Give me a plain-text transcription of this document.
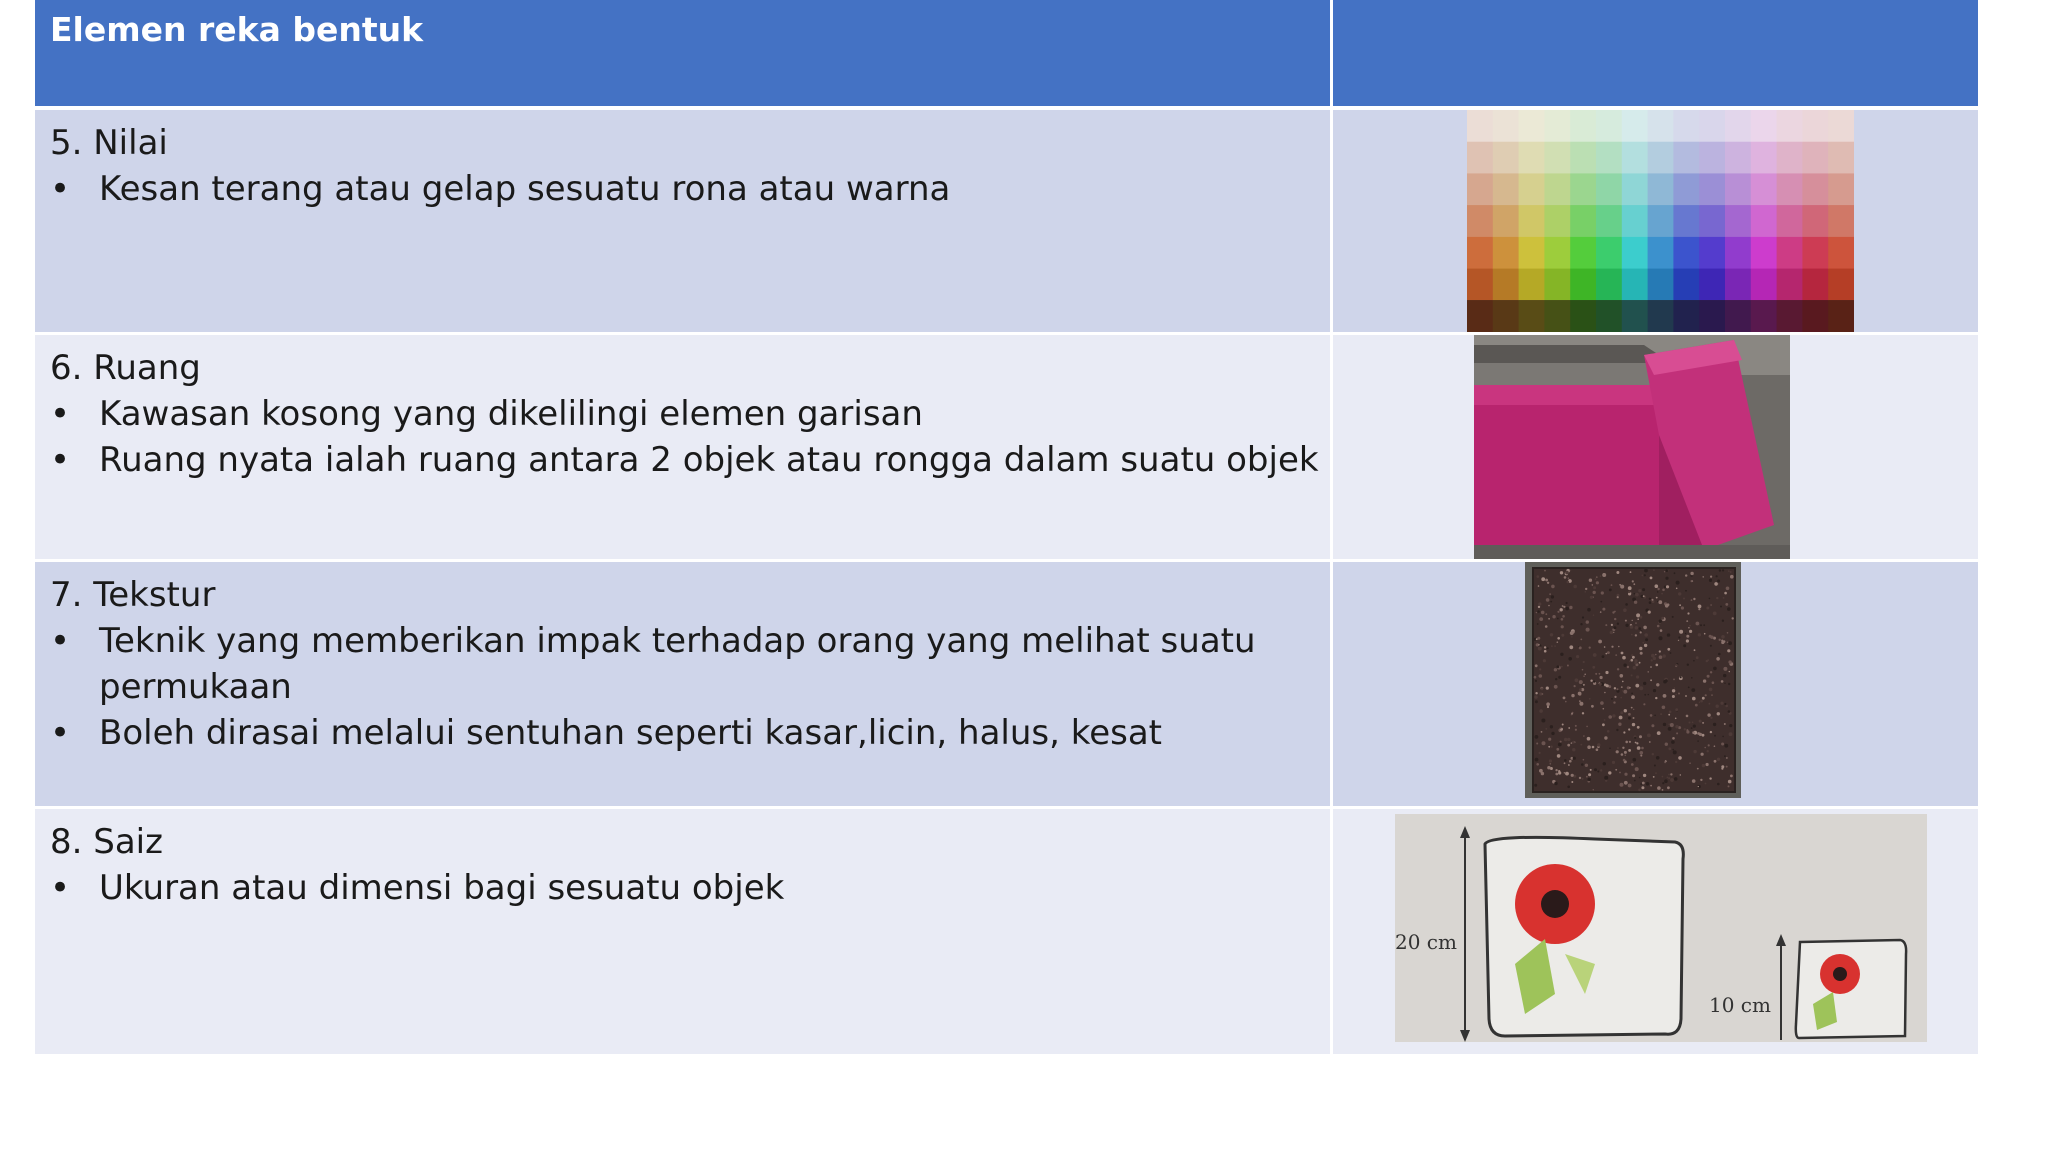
Elemen reka bentuk
5. Nilai
• Kesan terang atau gelap sesuatu rona atau warna
6. Ruang
• Kawasan kosong yang dikelilingi elemen garisan
• Ruang nyata ialah ruang antara 2 objek atau rongga dalam suatu objek
7. Tekstur
• Teknik yang memberikan impak terhadap orang yang melihat suatu permukaan
• Boleh dirasai melalui sentuhan seperti kasar,licin, halus, kesat
8. Saiz
• Ukuran atau dimensi bagi sesuatu objek
20 cm
10 cm
